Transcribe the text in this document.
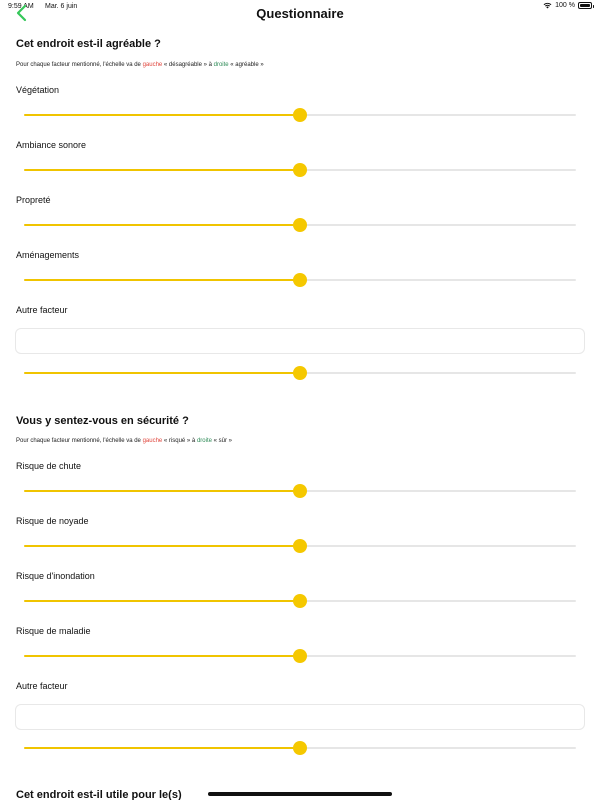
9:59 AM Mar. 6 juin	100 %
Questionnaire
Cet endroit est-il agréable ?
Pour chaque facteur mentionné, l'échelle va de gauche « désagréable » à droite « agréable »
Végétation
Ambiance sonore
Propreté
Aménagements
Autre facteur
Vous y sentez-vous en sécurité ?
Pour chaque facteur mentionné, l'échelle va de gauche « risqué » à droite « sûr »
Risque de chute
Risque de noyade
Risque d'inondation
Risque de maladie
Autre facteur
Cet endroit est-il utile pour le(s)
